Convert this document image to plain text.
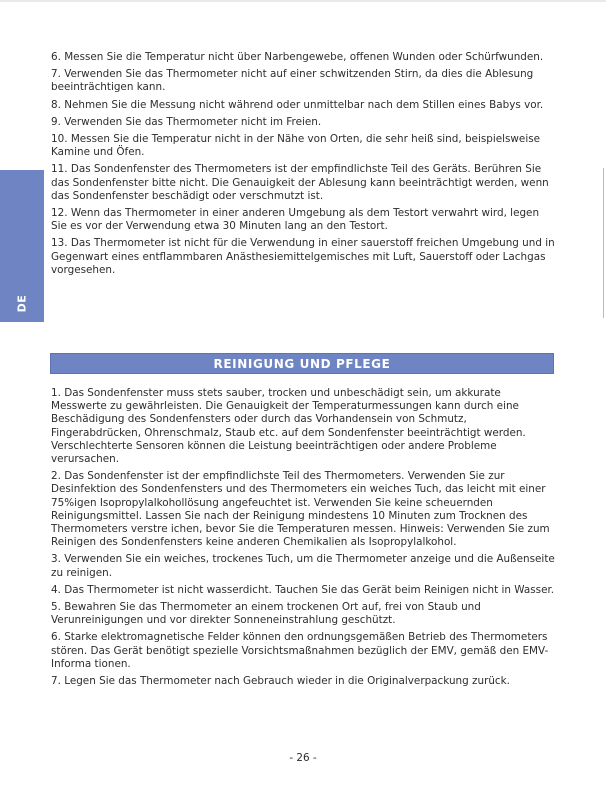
DE

6. Messen Sie die Temperatur nicht über Narbengewebe, offenen Wunden oder Schürfwunden.

7. Verwenden Sie das Thermometer nicht auf einer schwitzenden Stirn, da dies die Ablesung beeinträchtigen kann.

8. Nehmen Sie die Messung nicht während oder unmittelbar nach dem Stillen eines Babys vor.

9. Verwenden Sie das Thermometer nicht im Freien.

10. Messen Sie die Temperatur nicht in der Nähe von Orten, die sehr heiß sind, beispielsweise Kamine und Öfen.

11. Das Sondenfenster des Thermometers ist der empfindlichste Teil des Geräts. Berühren Sie das Sondenfenster bitte nicht. Die Genauigkeit der Ablesung kann beeinträchtigt werden, wenn das Sondenfenster beschädigt oder verschmutzt ist.

12. Wenn das Thermometer in einer anderen Umgebung als dem Testort verwahrt wird, legen Sie es vor der Verwendung etwa 30 Minuten lang an den Testort.

13. Das Thermometer ist nicht für die Verwendung in einer sauerstoff freichen Umgebung und in Gegenwart eines entflammbaren Anästhesiemittelgemisches mit Luft, Sauerstoff oder Lachgas vorgesehen.

REINIGUNG UND PFLEGE

1. Das Sondenfenster muss stets sauber, trocken und unbeschädigt sein, um akkurate Messwerte zu gewährleisten. Die Genauigkeit der Temperaturmessungen kann durch eine Beschädigung des Sondenfensters oder durch das Vorhandensein von Schmutz, Fingerabdrücken, Ohrenschmalz, Staub etc. auf dem Sondenfenster beeinträchtigt werden. Verschlechterte Sensoren können die Leistung beeinträchtigen oder andere Probleme verursachen.

2. Das Sondenfenster ist der empfindlichste Teil des Thermometers. Verwenden Sie zur Desinfektion des Sondenfensters und des Thermometers ein weiches Tuch, das leicht mit einer 75%igen Isopropylalkohollösung angefeuchtet ist. Verwenden Sie keine scheuernden Reinigungsmittel. Lassen Sie nach der Reinigung mindestens 10 Minuten zum Trocknen des Thermometers verstre ichen, bevor Sie die Temperaturen messen. Hinweis: Verwenden Sie zum Reinigen des Sondenfensters keine anderen Chemikalien als Isopropylalkohol.

3. Verwenden Sie ein weiches, trockenes Tuch, um die Thermometer anzeige und die Außenseite zu reinigen.

4. Das Thermometer ist nicht wasserdicht. Tauchen Sie das Gerät beim Reinigen nicht in Wasser.

5. Bewahren Sie das Thermometer an einem trockenen Ort auf, frei von Staub und Verunreinigungen und vor direkter Sonneneinstrahlung geschützt.

6. Starke elektromagnetische Felder können den ordnungsgemäßen Betrieb des Thermometers stören. Das Gerät benötigt spezielle Vorsichtsmaßnahmen bezüglich der EMV, gemäß den EMV-Informa tionen.

7. Legen Sie das Thermometer nach Gebrauch wieder in die Originalverpackung zurück.

- 26 -
